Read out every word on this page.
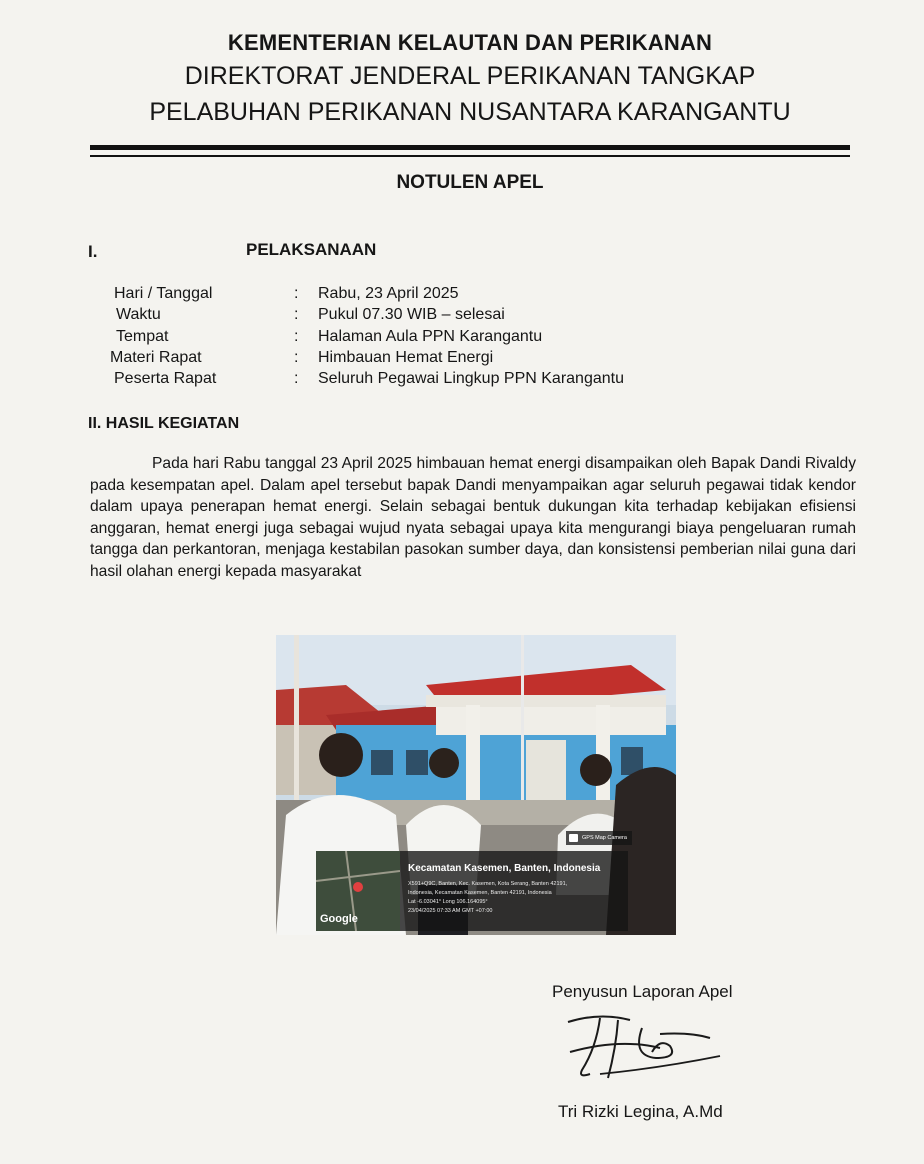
KEMENTERIAN KELAUTAN DAN PERIKANAN
DIREKTORAT JENDERAL PERIKANAN TANGKAP
PELABUHAN PERIKANAN NUSANTARA KARANGANTU
NOTULEN APEL
I.	PELAKSANAAN
Hari / Tanggal	: Rabu, 23 April 2025
Waktu	: Pukul 07.30 WIB – selesai
Tempat	: Halaman Aula PPN Karangantu
Materi Rapat	: Himbauan Hemat Energi
Peserta Rapat	: Seluruh Pegawai Lingkup PPN Karangantu
II. HASIL KEGIATAN

Pada hari Rabu tanggal 23 April 2025 himbauan hemat energi disampaikan oleh Bapak Dandi Rivaldy pada kesempatan apel. Dalam apel tersebut bapak Dandi menyampaikan agar seluruh pegawai tidak kendor dalam upaya penerapan hemat energi. Selain sebagai bentuk dukungan kita terhadap kebijakan efisiensi anggaran, hemat energi juga sebagai wujud nyata sebagai upaya kita mengurangi biaya pengeluaran rumah tangga dan perkantoran, menjaga kestabilan pasokan sumber daya, dan konsistensi pemberian nilai guna dari hasil olahan energi kepada masyarakat

GPS Map Camera
Google
Kecamatan Kasemen, Banten, Indonesia
X591+Q9C, Banten, Kec. Kasemen, Kota Serang, Banten 42191,
Indonesia, Kecamatan Kasemen, Banten 42191, Indonesia
Lat -6.03041° Long 106.164095°
23/04/2025 07:33 AM GMT +07:00
Penyusun Laporan Apel
Tri Rizki Legina, A.Md
